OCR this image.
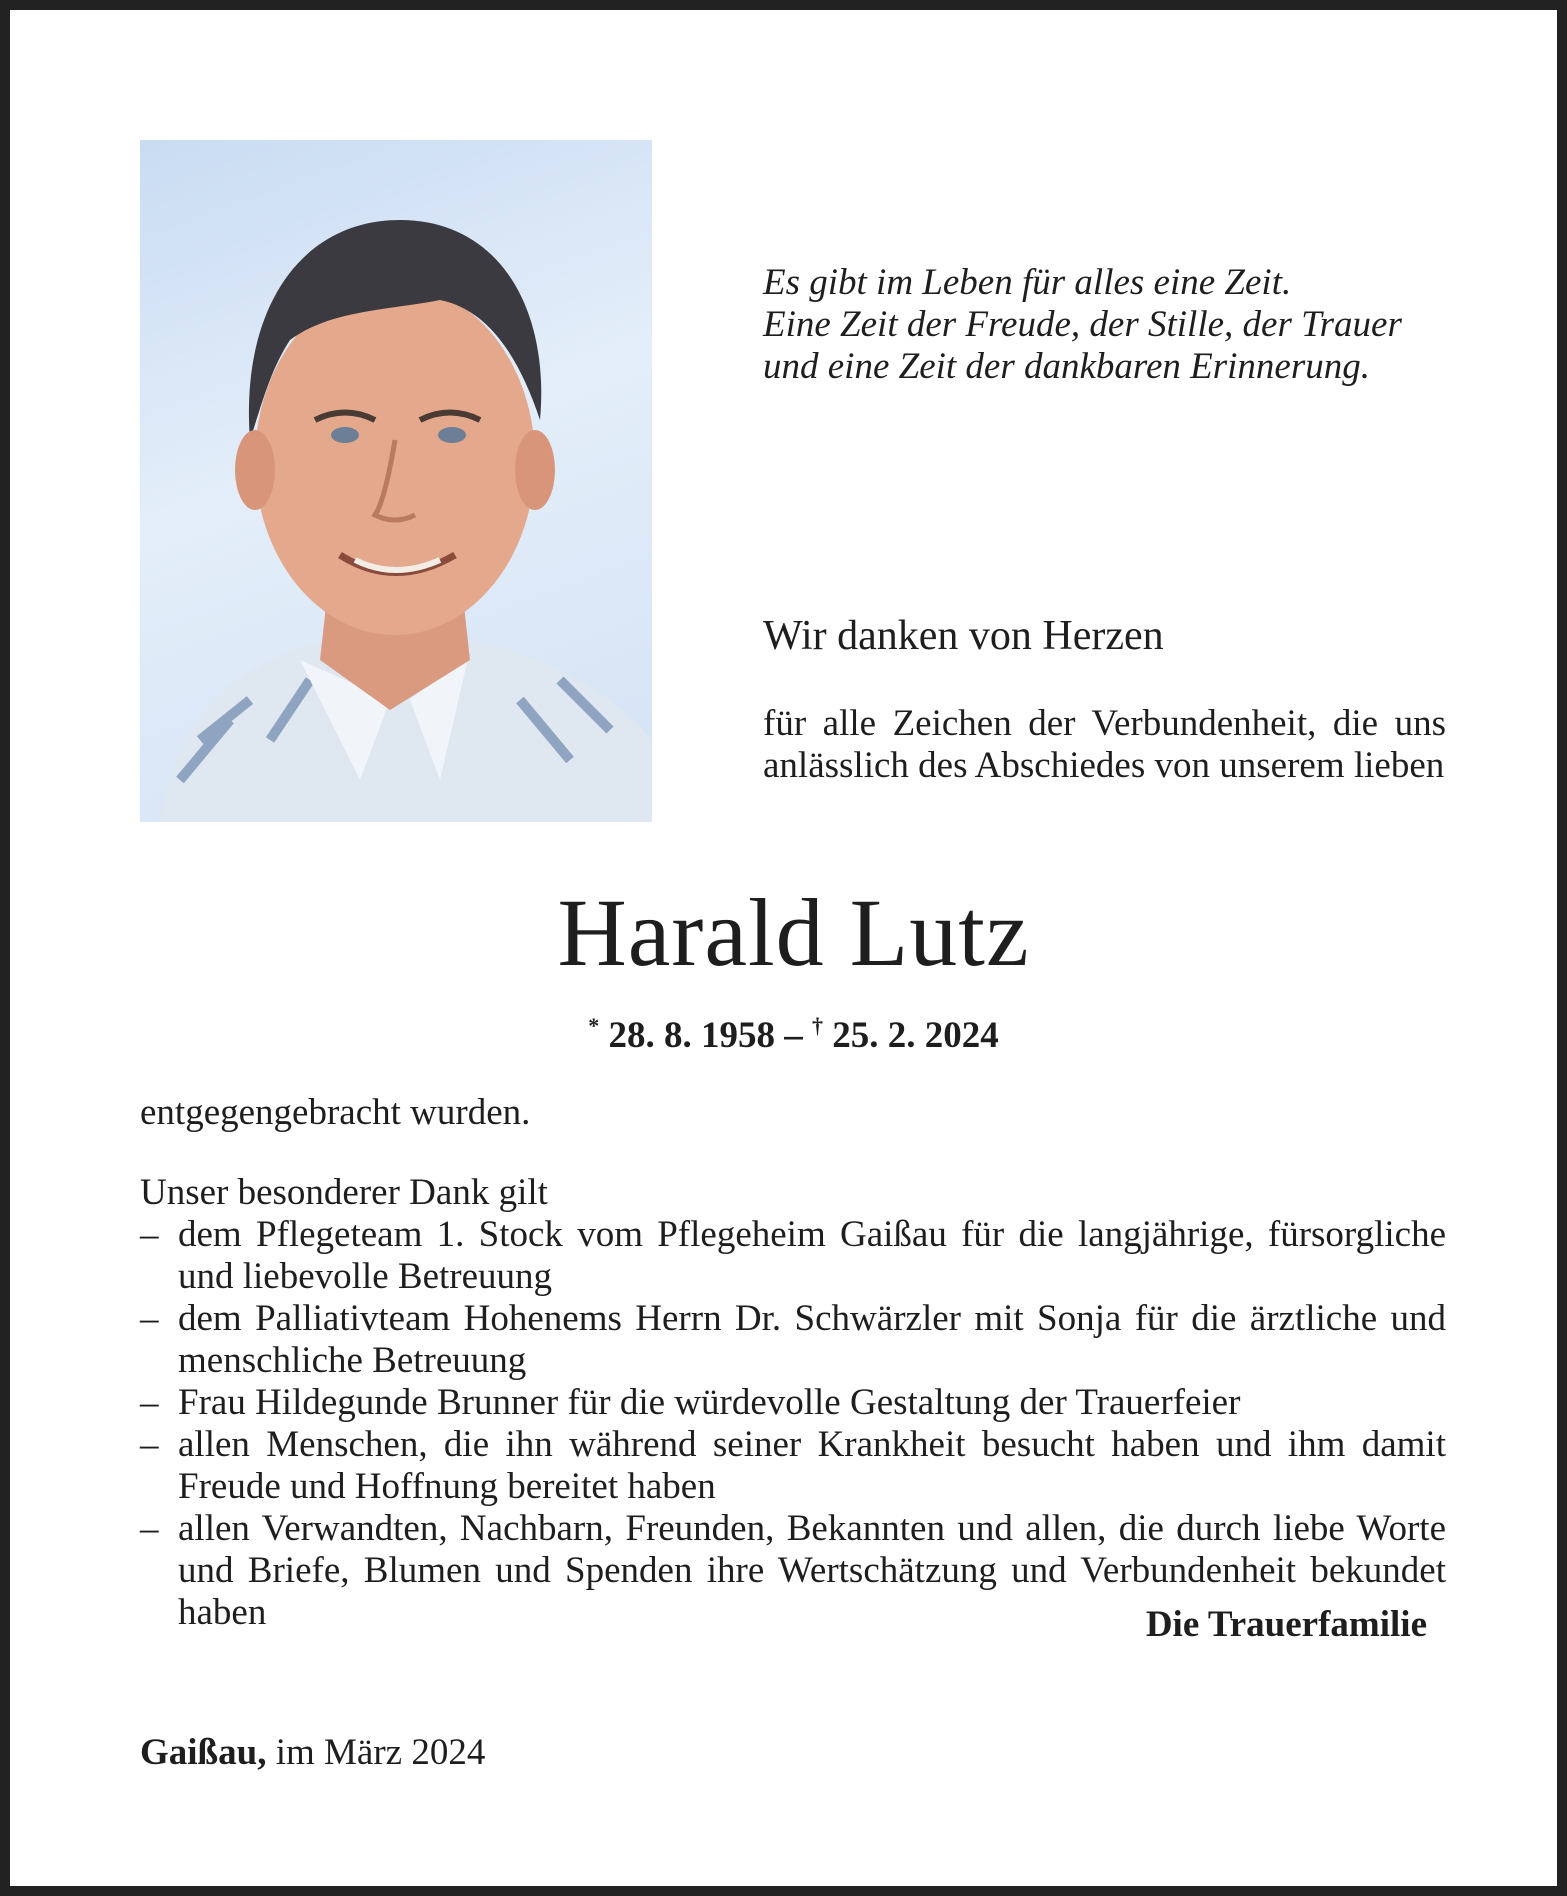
Es gibt im Leben für alles eine Zeit.
Eine Zeit der Freude, der Stille, der Trauer
und eine Zeit der dankbaren Erinnerung.
Wir danken von Herzen
für alle Zeichen der Verbundenheit, die uns anlässlich des Abschiedes von unserem lieben
Harald Lutz
* 28. 8. 1958 – † 25. 2. 2024
entgegengebracht wurden.
Unser besonderer Dank gilt
– dem Pflegeteam 1. Stock vom Pflegeheim Gaißau für die langjährige, fürsorgliche und liebevolle Betreuung
– dem Palliativteam Hohenems Herrn Dr. Schwärzler mit Sonja für die ärztliche und menschliche Betreuung
– Frau Hildegunde Brunner für die würdevolle Gestaltung der Trauerfeier
– allen Menschen, die ihn während seiner Krankheit besucht haben und ihm damit Freude und Hoffnung bereitet haben
– allen Verwandten, Nachbarn, Freunden, Bekannten und allen, die durch liebe Worte und Briefe, Blumen und Spenden ihre Wertschätzung und Verbundenheit bekundet haben	Die Trauerfamilie
Gaißau, im März 2024
